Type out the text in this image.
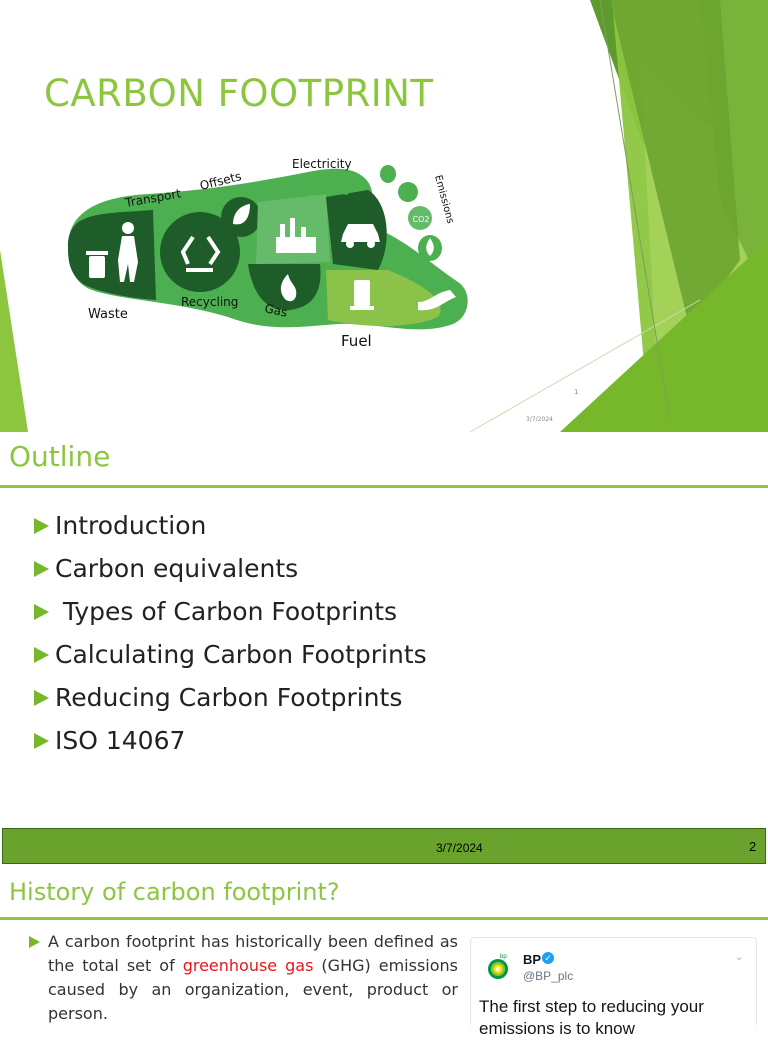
CARBON FOOTPRINT
CO2
Waste
Recycling Gas
Fuel
Transport
Offsets
Electricity
Emissions
1
3/7/2024
Outline
Introduction
Carbon equivalents
Types of Carbon Footprints
Calculating Carbon Footprints
Reducing Carbon Footprints
ISO 14067
3/7/2024	2
History of carbon footprint?

A carbon footprint has historically been defined as the total set of greenhouse gas (GHG) emissions caused by an organization, event, product or person.

bp BP ✓
@BP_plc
⌄
The first step to reducing your emissions is to know
